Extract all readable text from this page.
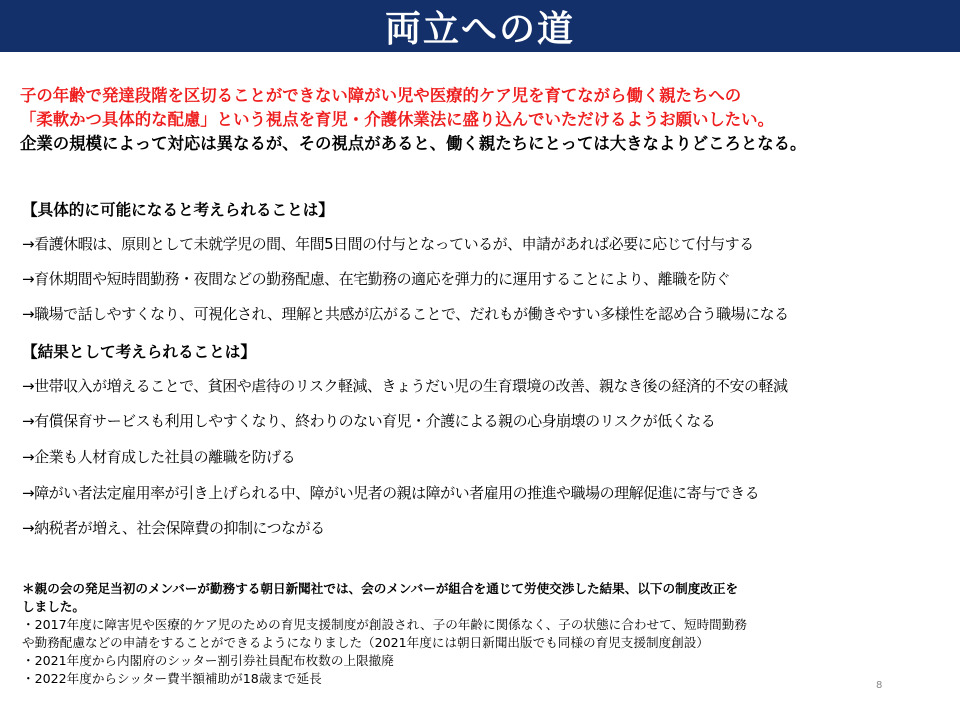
両立への道
子の年齢で発達段階を区切ることができない障がい児や医療的ケア児を育てながら働く親たちへの
「柔軟かつ具体的な配慮」という視点を育児・介護休業法に盛り込んでいただけるようお願いしたい。
企業の規模によって対応は異なるが、その視点があると、働く親たちにとっては大きなよりどころとなる。
【具体的に可能になると考えられることは】
→看護休暇は、原則として未就学児の間、年間5日間の付与となっているが、申請があれば必要に応じて付与する
→育休期間や短時間勤務・夜間などの勤務配慮、在宅勤務の適応を弾力的に運用することにより、離職を防ぐ
→職場で話しやすくなり、可視化され、理解と共感が広がることで、だれもが働きやすい多様性を認め合う職場になる
【結果として考えられることは】
→世帯収入が増えることで、貧困や虐待のリスク軽減、きょうだい児の生育環境の改善、親なき後の経済的不安の軽減
→有償保育サービスも利用しやすくなり、終わりのない育児・介護による親の心身崩壊のリスクが低くなる
→企業も人材育成した社員の離職を防げる
→障がい者法定雇用率が引き上げられる中、障がい児者の親は障がい者雇用の推進や職場の理解促進に寄与できる
→納税者が増え、社会保障費の抑制につながる
＊親の会の発足当初のメンバーが勤務する朝日新聞社では、会のメンバーが組合を通じて労使交渉した結果、以下の制度改正を
しました。
・2017年度に障害児や医療的ケア児のための育児支援制度が創設され、子の年齢に関係なく、子の状態に合わせて、短時間勤務
や勤務配慮などの申請をすることができるようになりました（2021年度には朝日新聞出版でも同様の育児支援制度創設）
・2021年度から内閣府のシッター割引券社員配布枚数の上限撤廃
・2022年度からシッター費半額補助が18歳まで延長	8
